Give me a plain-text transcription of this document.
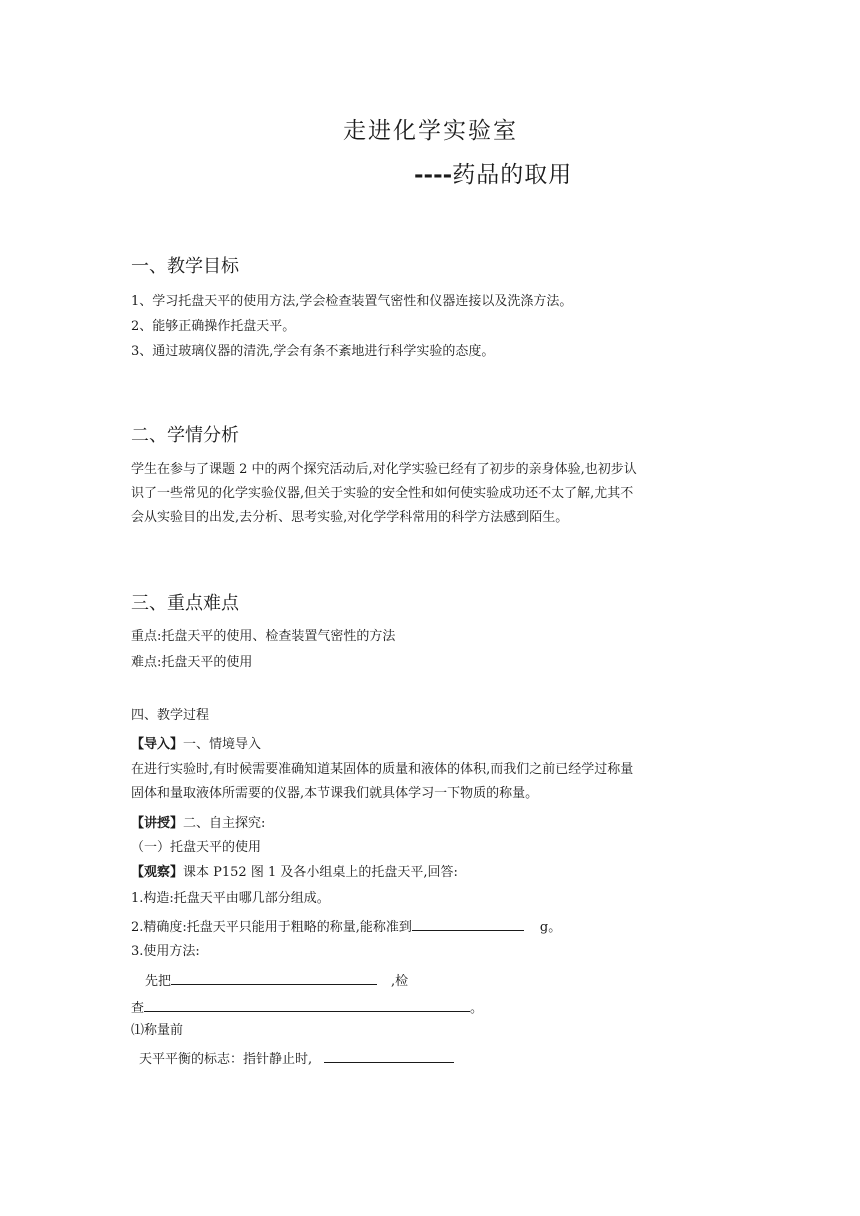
走进化学实验室
----药品的取用
一、教学目标
1、学习托盘天平的使用方法,学会检查装置气密性和仪器连接以及洗涤方法。
2、能够正确操作托盘天平。
3、通过玻璃仪器的清洗,学会有条不紊地进行科学实验的态度。
二、学情分析
学生在参与了课题 2 中的两个探究活动后,对化学实验已经有了初步的亲身体验,也初步认
识了一些常见的化学实验仪器,但关于实验的安全性和如何使实验成功还不太了解,尤其不
会从实验目的出发,去分析、思考实验,对化学学科常用的科学方法感到陌生。
三、重点难点
重点:托盘天平的使用、检查装置气密性的方法
难点:托盘天平的使用
四、教学过程
【导入】一、情境导入
在进行实验时,有时候需要准确知道某固体的质量和液体的体积,而我们之前已经学过称量
固体和量取液体所需要的仪器,本节课我们就具体学习一下物质的称量。
【讲授】二、自主探究:
（一）托盘天平的使用
【观察】课本 P152 图 1 及各小组桌上的托盘天平,回答:
1.构造:托盘天平由哪几部分组成。
2.精确度:托盘天平只能用于粗略的称量,能称准到	g。
3.使用方法:
先把	,检
查	。
⑴称量前
天平平衡的标志：指针静止时,
